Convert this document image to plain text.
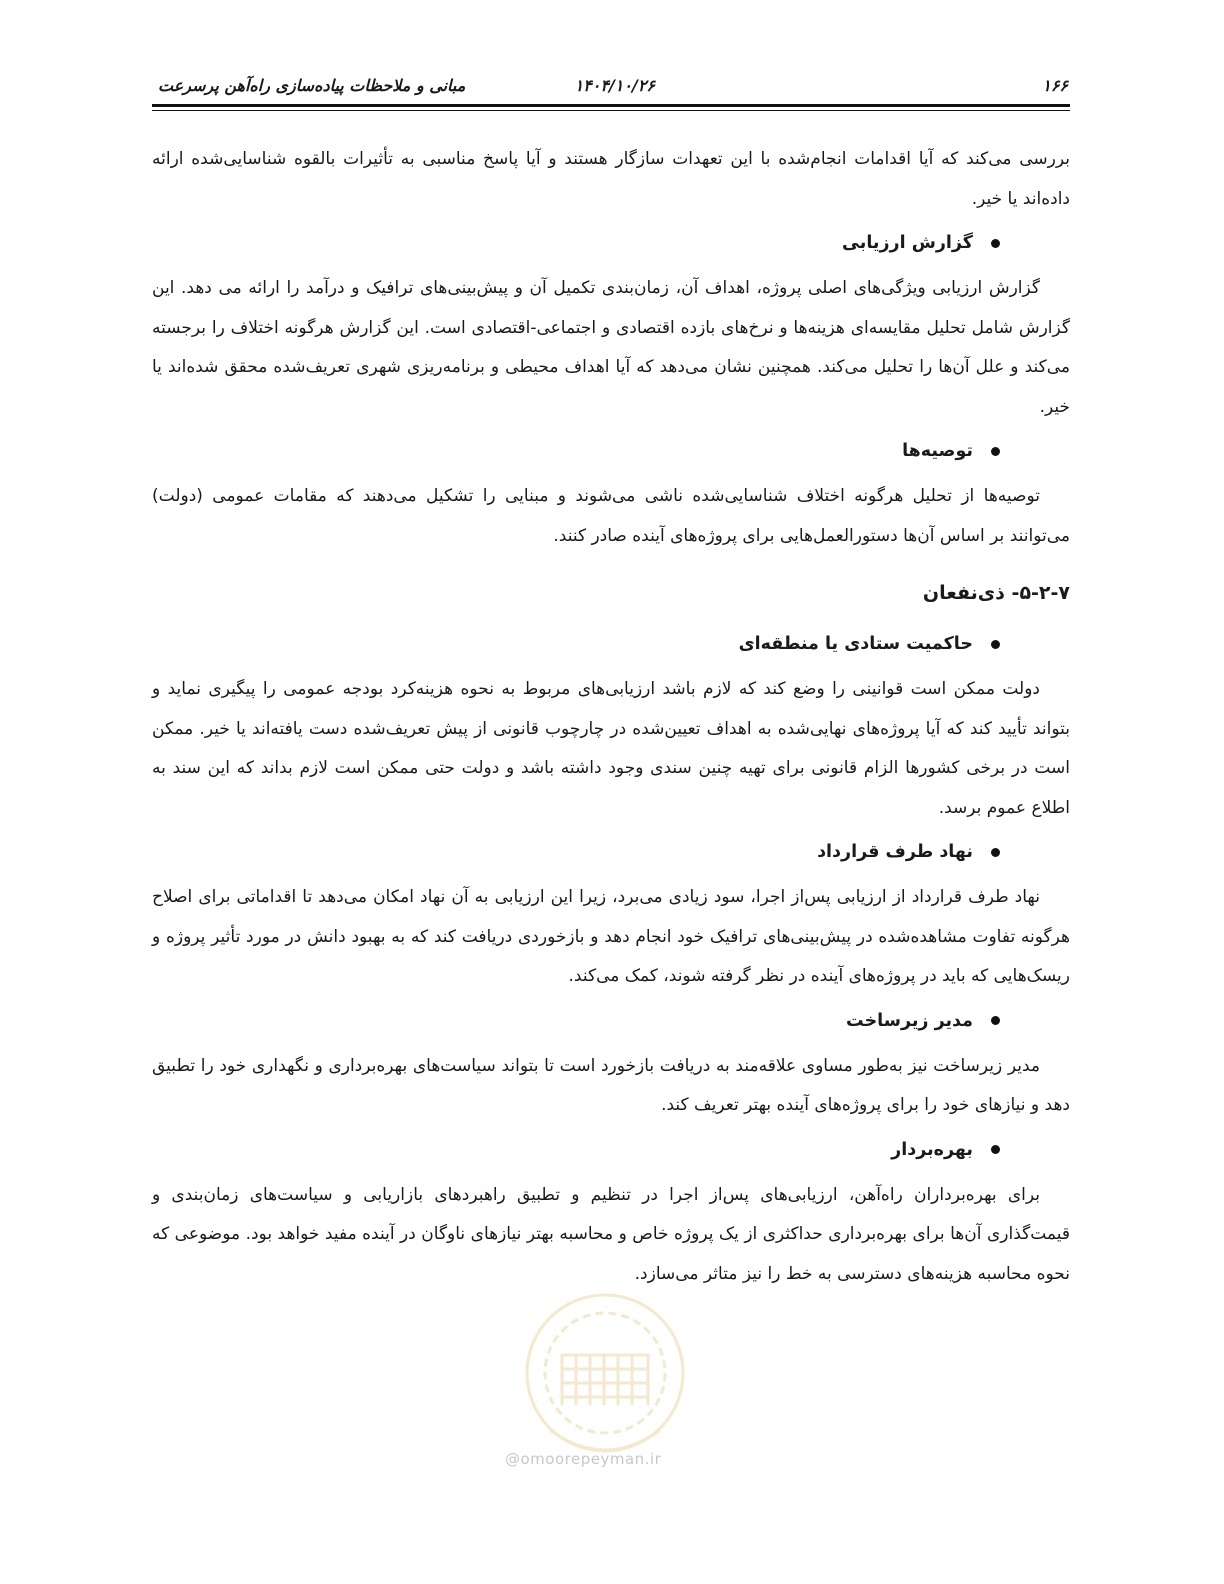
۱۶۶
۱۴۰۴/۱۰/۲۶
مبانی و ملاحظات پیاده‌سازی راه‌آهن پرسرعت

بررسی می‌کند که آیا اقدامات انجام‌شده با این تعهدات سازگار هستند و آیا پاسخ مناسبی به تأثیرات بالقوه شناسایی‌شده ارائه داده‌اند یا خیر.

گزارش ارزیابی

گزارش ارزیابی ویژگی‌های اصلی پروژه، اهداف آن، زمان‌بندی تکمیل آن و پیش‌بینی‌های ترافیک و درآمد را ارائه می دهد. این گزارش شامل تحلیل مقایسه‌ای هزینه‌ها و نرخ‌های بازده اقتصادی و اجتماعی-اقتصادی است. این گزارش هرگونه اختلاف را برجسته می‌کند و علل آن‌ها را تحلیل می‌کند. همچنین نشان می‌دهد که آیا اهداف محیطی و برنامه‌ریزی شهری تعریف‌شده محقق شده‌اند یا خیر.

توصیه‌ها

توصیه‌ها از تحلیل هرگونه اختلاف شناسایی‌شده ناشی می‌شوند و مبنایی را تشکیل می‌دهند که مقامات عمومی (دولت) می‌توانند بر اساس آن‌ها دستورالعمل‌هایی برای پروژه‌های آینده صادر کنند.

۵-۲-۷- ذی‌نفعان
حاکمیت ستادی یا منطقه‌ای

دولت ممکن است قوانینی را وضع کند که لازم باشد ارزیابی‌های مربوط به نحوه هزینه‌کرد بودجه عمومی را پیگیری نماید و بتواند تأیید کند که آیا پروژه‌های نهایی‌شده به اهداف تعیین‌شده در چارچوب قانونی از پیش تعریف‌شده دست یافته‌اند یا خیر. ممکن است در برخی کشورها الزام قانونی برای تهیه چنین سندی وجود داشته باشد و دولت حتی ممکن است لازم بداند که این سند به اطلاع عموم برسد.

نهاد طرف قرارداد

نهاد طرف قرارداد از ارزیابی پس‌از اجرا، سود زیادی می‌برد، زیرا این ارزیابی به آن نهاد امکان می‌دهد تا اقداماتی برای اصلاح هرگونه تفاوت مشاهده‌شده در پیش‌بینی‌های ترافیک خود انجام دهد و بازخوردی دریافت کند که به بهبود دانش در مورد تأثیر پروژه و ریسک‌هایی که باید در پروژه‌های آینده در نظر گرفته شوند، کمک می‌کند.

مدیر زیرساخت

مدیر زیرساخت نیز به‌طور مساوی علاقه‌مند به دریافت بازخورد است تا بتواند سیاست‌های بهره‌برداری و نگهداری خود را تطبیق دهد و نیازهای خود را برای پروژه‌های آینده بهتر تعریف کند.

بهره‌بردار

برای بهره‌برداران راه‌آهن، ارزیابی‌های پس‌از اجرا در تنظیم و تطبیق راهبردهای بازاریابی و سیاست‌های زمان‌بندی و قیمت‌گذاری آن‌ها برای بهره‌برداری حداکثری از یک پروژه خاص و محاسبه بهتر نیازهای ناوگان در آینده مفید خواهد بود. موضوعی که نحوه محاسبه هزینه‌های دسترسی به خط را نیز متاثر می‌سازد.

@omoorepeyman.ir
